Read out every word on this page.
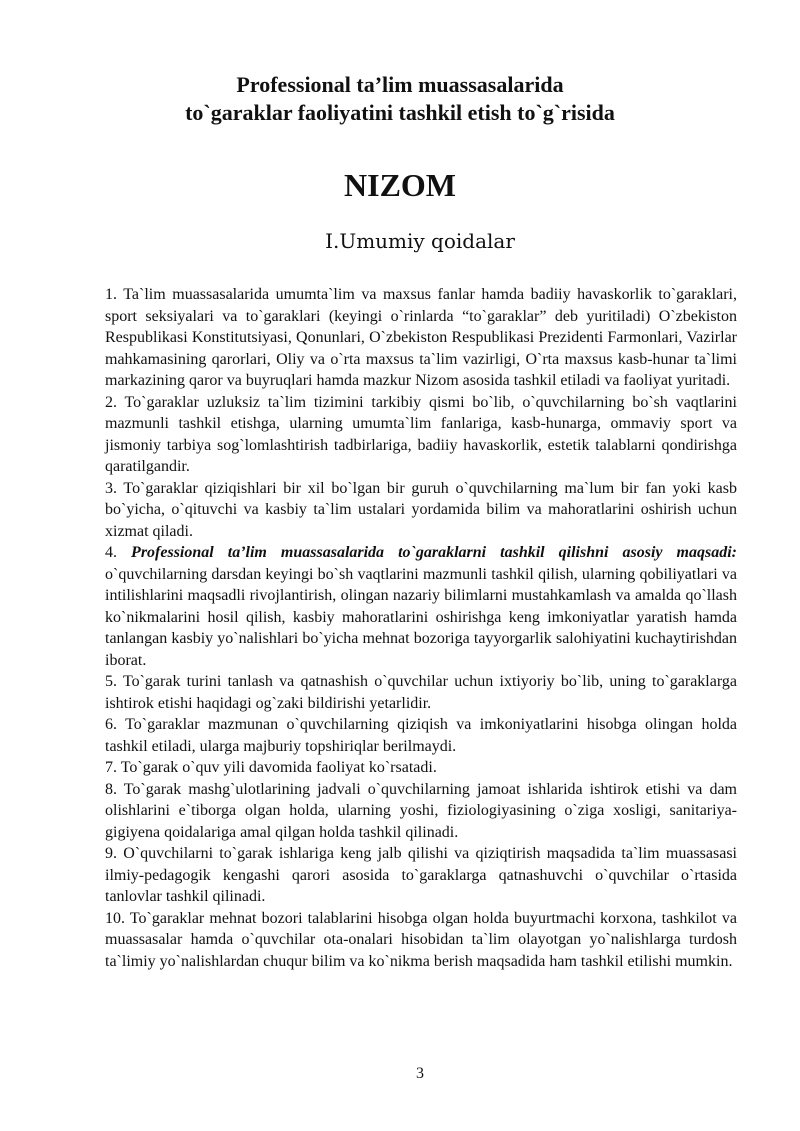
Professional ta’lim muassasalarida
to`garaklar faoliyatini tashkil etish to`g`risida
NIZOM
I.Umumiy qoidalar

1. Ta`lim muassasalarida umumta`lim va maxsus fanlar hamda badiiy havaskorlik to`garaklari, sport seksiyalari va to`garaklari (keyingi o`rinlarda “to`garaklar” deb yuritiladi) O`zbekiston Respublikasi Konstitutsiyasi, Qonunlari, O`zbekiston Respublikasi Prezidenti Farmonlari, Vazirlar mahkamasining qarorlari, Oliy va o`rta maxsus ta`lim vazirligi, O`rta maxsus kasb-hunar ta`limi markazining qaror va buyruqlari hamda mazkur Nizom asosida tashkil etiladi va faoliyat yuritadi.

2. To`garaklar uzluksiz ta`lim tizimini tarkibiy qismi bo`lib, o`quvchilarning bo`sh vaqtlarini mazmunli tashkil etishga, ularning umumta`lim fanlariga, kasb-hunarga, ommaviy sport va jismoniy tarbiya sog`lomlashtirish tadbirlariga, badiiy havaskorlik, estetik talablarni qondirishga qaratilgandir.

3. To`garaklar qiziqishlari bir xil bo`lgan bir guruh o`quvchilarning ma`lum bir fan yoki kasb bo`yicha, o`qituvchi va kasbiy ta`lim ustalari yordamida bilim va mahoratlarini oshirish uchun xizmat qiladi.

4. Professional ta’lim muassasalarida to`garaklarni tashkil qilishni asosiy maqsadi:

o`quvchilarning darsdan keyingi bo`sh vaqtlarini mazmunli tashkil qilish, ularning qobiliyatlari va intilishlarini maqsadli rivojlantirish, olingan nazariy bilimlarni mustahkamlash va amalda qo`llash ko`nikmalarini hosil qilish, kasbiy mahoratlarini oshirishga keng imkoniyatlar yaratish hamda tanlangan kasbiy yo`nalishlari bo`yicha mehnat bozoriga tayyorgarlik salohiyatini kuchaytirishdan iborat.

5. To`garak turini tanlash va qatnashish o`quvchilar uchun ixtiyoriy bo`lib, uning to`garaklarga ishtirok etishi haqidagi og`zaki bildirishi yetarlidir.

6. To`garaklar mazmunan o`quvchilarning qiziqish va imkoniyatlarini hisobga olingan holda tashkil etiladi, ularga majburiy topshiriqlar berilmaydi.

7. To`garak o`quv yili davomida faoliyat ko`rsatadi.

8. To`garak mashg`ulotlarining jadvali o`quvchilarning jamoat ishlarida ishtirok etishi va dam olishlarini e`tiborga olgan holda, ularning yoshi, fiziologiyasining o`ziga xosligi, sanitariya-gigiyena qoidalariga amal qilgan holda tashkil qilinadi.

9. O`quvchilarni to`garak ishlariga keng jalb qilishi va qiziqtirish maqsadida ta`lim muassasasi ilmiy-pedagogik kengashi qarori asosida to`garaklarga qatnashuvchi o`quvchilar o`rtasida tanlovlar tashkil qilinadi.

10. To`garaklar mehnat bozori talablarini hisobga olgan holda buyurtmachi korxona, tashkilot va muassasalar hamda o`quvchilar ota-onalari hisobidan ta`lim olayotgan yo`nalishlarga turdosh ta`limiy yo`nalishlardan chuqur bilim va ko`nikma berish maqsadida ham tashkil etilishi mumkin.

3
